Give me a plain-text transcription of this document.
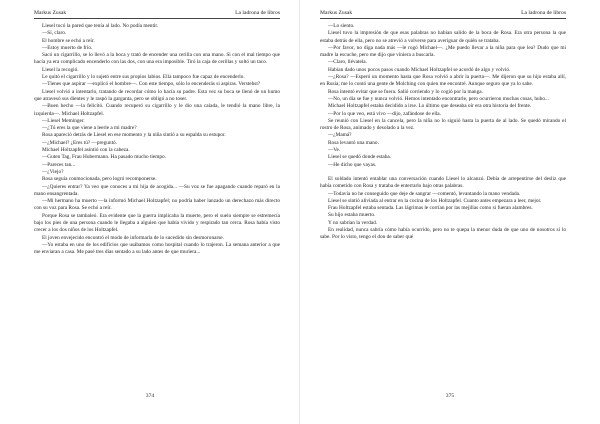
Markus Zusak	La ladrona de libros

Liesel tocó la pared que tenía al lado. No podía mentir.

—Sí, claro.

El hombre se echó a reír.

—Estoy muerto de frío.

Sacó un cigarrillo, se lo llevó a la boca y trató de encender una cerilla con una mano. Si con el mal tiempo que hacía ya era complicado encenderlo con las dos, con una era imposible. Tiró la caja de cerillas y soltó un taco.

Liesel la recogió.

Le quitó el cigarrillo y lo sujetó entre sus propios labios. Ella tampoco fue capaz de encenderlo.

—Tienes que aspirar —explicó el hombre—. Con este tiempo, sólo lo encenderás si aspiras. Verstehst?

Liesel volvió a intentarlo, tratando de recordar cómo lo hacía su padre. Esta vez su boca se llenó de un humo que atravesó sus dientes y le raspó la garganta, pero se obligó a no toser.

—Buen hecho —la felicitó. Cuando recuperó su cigarrillo y le dio una calada, le tendió la mano libre, la izquierda—. Michael Holtzapfel.

—Liesel Meminger.

—¿Tú eres la que viene a leerle a mi madre?

Rosa apareció detrás de Liesel en ese momento y la niña sintió a su espalda su estupor.

—¿Michael? ¿Eres tú? —preguntó.

Michael Holtzapfel asintió con la cabeza.

—Guten Tag, Frau Hubermann. Ha pasado mucho tiempo.

—Pareces tan...

—¿Viejo?

Rosa seguía conmocionada, pero logró recomponerse.

—¿Quieres entrar? Ya veo que conoces a mi hija de acogida... —Su voz se fue apagando cuando reparó en la mano ensangrentada.

—Mi hermano ha muerto —la informó Michael Holtzapfel; no podría haber lanzado un derechazo más directo con su voz para Rosa. Se echó a reír.

Porque Rosa se tambaleó. Era evidente que la guerra implicaba la muerte, pero el suelo siempre se estremecía bajo los pies de una persona cuando le llegaba a alguien que había vivido y respirado tan cerca. Rosa había visto crecer a los dos niños de los Holtzapfel.

El joven envejecido encontró el modo de informarla de lo sucedido sin desmoronarse.

—Yo estaba en uno de los edificios que usábamos como hospital cuando lo trajeron. La semana anterior a que me enviaran a casa. Me pasé tres días sentado a su lado antes de que muriera...

374
Markus Zusak	La ladrona de libros

—Lo siento.

Liesel tuvo la impresión de que esas palabras no habían salido de la boca de Rosa. Era otra persona la que estaba detrás de ella, pero no se atrevió a volverse para averiguar de quién se trataba.

—Por favor, no diga nada más —le rogó Michael—. ¿Me puedo llevar a la niña para que lea? Dudo que mi madre la escuche, pero me dijo que viniera a buscarla.

—Claro, llévatela.

Habían dado unos pocos pasos cuando Michael Holtzapfel se acordó de algo y volvió.

—¿Rosa? —Esperó un momento hasta que Rosa volvió a abrir la puerta—. Me dijeron que su hijo estaba allí, en Rusia; me lo contó una gente de Molching con quien me encontré. Aunque seguro que ya lo sabe.

Rosa intentó evitar que se fuera. Salió corriendo y lo cogió por la manga.

—No, un día se fue y nunca volvió. Hemos intentado encontrarle, pero ocurrieron muchas cosas, hubo...

Michael Holtzapfel estaba decidido a irse. Lo último que deseaba oír era otra historia del frente.

—Por lo que veo, está vivo —dijo, zafándose de ella.

Se reunió con Liesel en la cancela, pero la niña no lo siguió hasta la puerta de al lado. Se quedó mirando el rostro de Rosa, animado y desolado a la vez.

—¿Mamá?

Rosa levantó una mano.

—Ve.

Liesel se quedó donde estaba.

—He dicho que vayas.

El soldado intentó entablar una conversación cuando Liesel lo alcanzó. Debía de arrepentirse del desliz que había cometido con Rosa y trataba de enterrarlo bajo otras palabras.

—Todavía no he conseguido que deje de sangrar —comentó, levantando la mano vendada.

Liesel se sintió aliviada al entrar en la cocina de los Holtzapfel. Cuanto antes empezara a leer, mejor.

Frau Holtzapfel estaba sentada. Las lágrimas le corrían por las mejillas como si fueran alambres.

Su hijo estaba muerto.

Y no sabrían la verdad.

En realidad, nunca sabría cómo había ocurrido, pero no te quepa la menor duda de que uno de nosotros sí lo sabe. Por lo visto, tengo el don de saber qué

375
